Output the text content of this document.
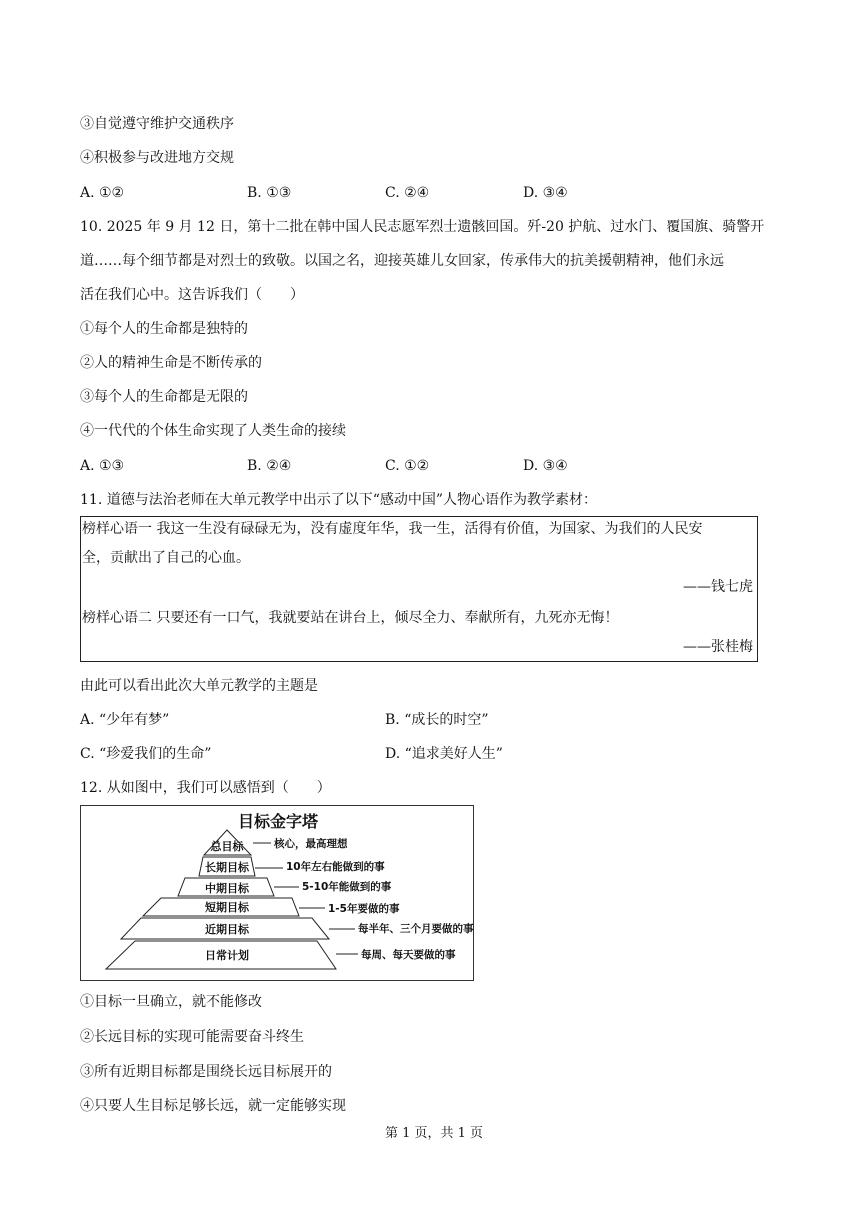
③自觉遵守维护交通秩序
④积极参与改进地方交规
A. ①②	B. ①③	C. ②④	D. ③④
10. 2025 年 9 月 12 日，第十二批在韩中国人民志愿军烈士遗骸回国。歼-20 护航、过水门、覆国旗、骑警开
道……每个细节都是对烈士的致敬。以国之名，迎接英雄儿女回家，传承伟大的抗美援朝精神，他们永远
活在我们心中。这告诉我们（　　）
①每个人的生命都是独特的
②人的精神生命是不断传承的
③每个人的生命都是无限的
④一代代的个体生命实现了人类生命的接续
A. ①③	B. ②④	C. ①②	D. ③④
11. 道德与法治老师在大单元教学中出示了以下“感动中国”人物心语作为教学素材：
榜样心语一 我这一生没有碌碌无为，没有虚度年华，我一生，活得有价值，为国家、为我们的人民安
全，贡献出了自己的心血。
——钱七虎
榜样心语二 只要还有一口气，我就要站在讲台上，倾尽全力、奉献所有，九死亦无悔！
——张桂梅
由此可以看出此次大单元教学的主题是
A. “少年有梦”	B. “成长的时空”
C. “珍爱我们的生命”	D. “追求美好人生”
12. 从如图中，我们可以感悟到（　　）
目标金字塔
总目标	核心，最高理想
长期目标	10年左右能做到的事
中期目标	5-10年能做到的事
短期目标	1-5年要做的事
近期目标	每半年、三个月要做的事
日常计划	每周、每天要做的事
①目标一旦确立，就不能修改
②长远目标的实现可能需要奋斗终生
③所有近期目标都是围绕长远目标展开的
④只要人生目标足够长远，就一定能够实现
第 1 页，共 1 页
